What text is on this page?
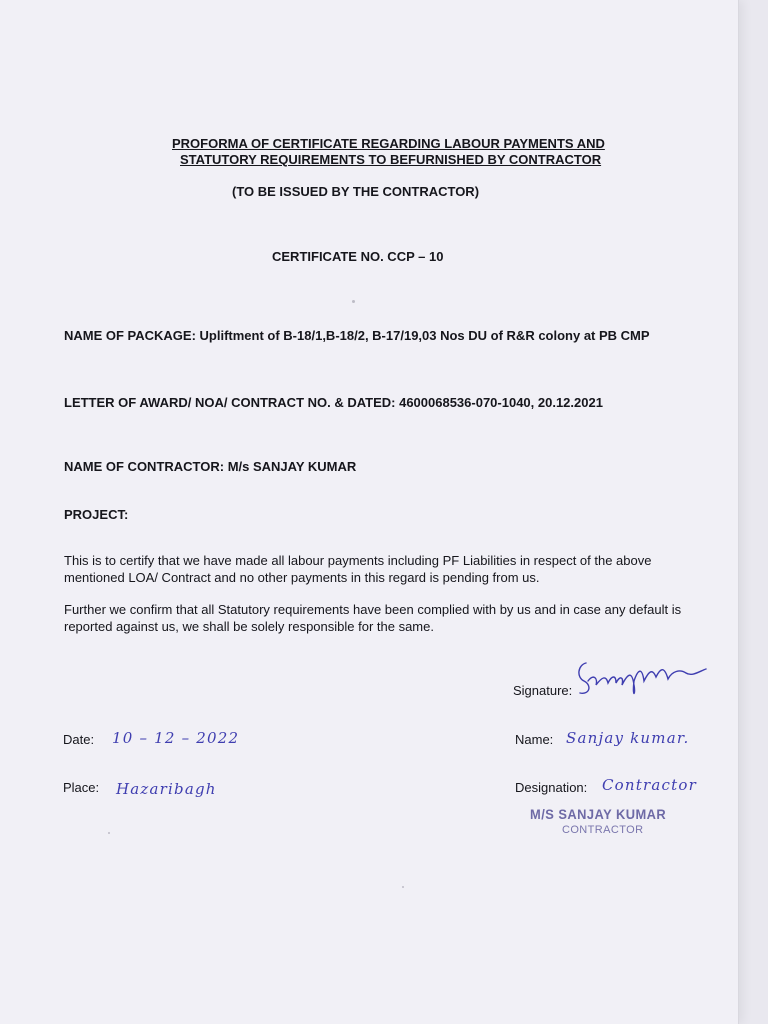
PROFORMA OF CERTIFICATE REGARDING LABOUR PAYMENTS AND
STATUTORY REQUIREMENTS TO BEFURNISHED BY CONTRACTOR
(TO BE ISSUED BY THE CONTRACTOR)
CERTIFICATE NO. CCP – 10
NAME OF PACKAGE: Upliftment of B-18/1,B-18/2, B-17/19,03 Nos DU of R&R colony at PB CMP
LETTER OF AWARD/ NOA/ CONTRACT NO. & DATED: 4600068536-070-1040, 20.12.2021
NAME OF CONTRACTOR: M/s SANJAY KUMAR
PROJECT:
This is to certify that we have made all labour payments including PF Liabilities in respect of the above mentioned LOA/ Contract and no other payments in this regard is pending from us.
Further we confirm that all Statutory requirements have been complied with by us and in case any default is reported against us, we shall be solely responsible for the same.
Signature:
Date: 10 – 12 – 2022	Name: Sanjay kumar.
Place: Hazaribagh	Designation: Contractor
M/S SANJAY KUMAR
CONTRACTOR
